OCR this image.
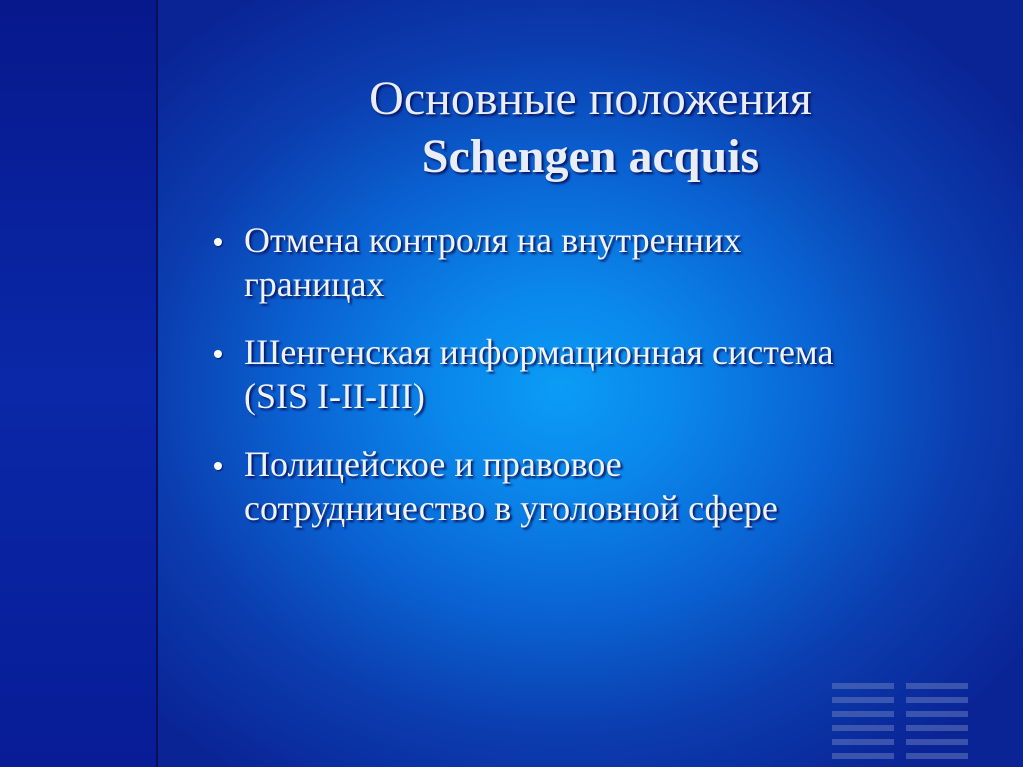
Основные положения
Schengen acquis
Отмена контроля на внутренних
границах
Шенгенская информационная система
(SIS I-II-III)
Полицейское и правовое
сотрудничество в уголовной сфере
